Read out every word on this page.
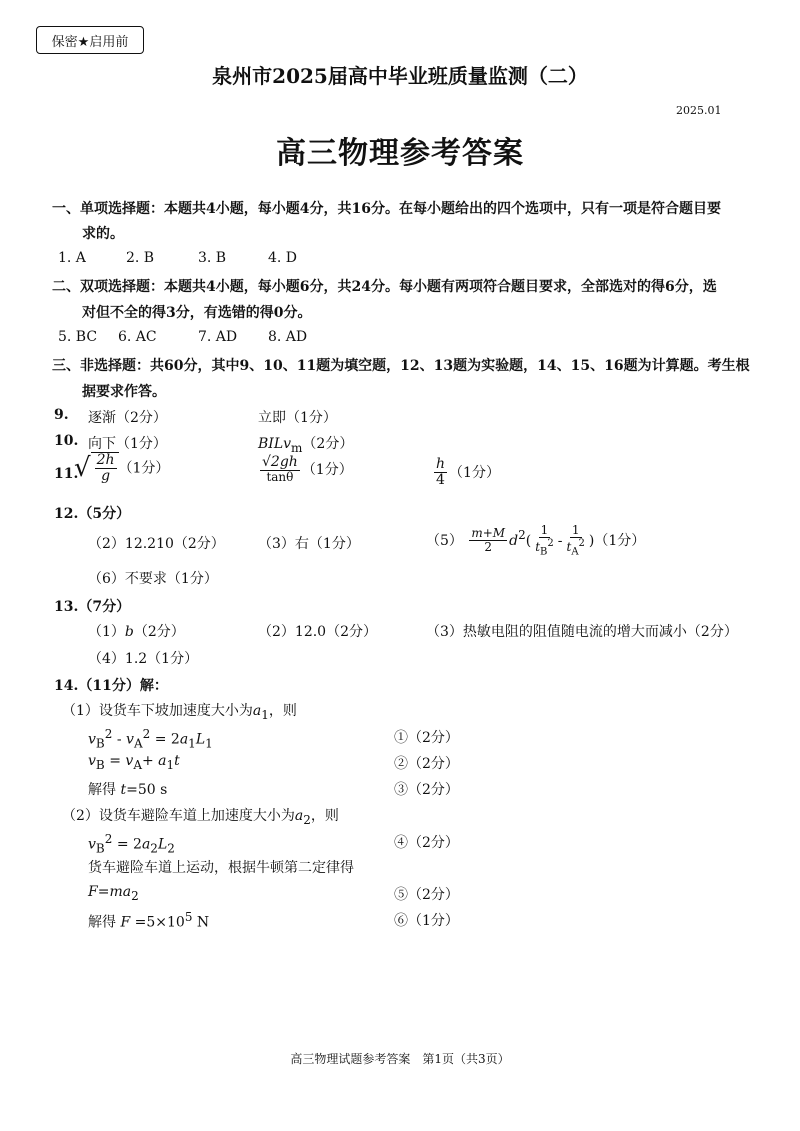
保密★启用前
泉州市2025届高中毕业班质量监测（二）
2025.01
高三物理参考答案
一、单项选择题：本题共4小题，每小题4分，共16分。在每小题给出的四个选项中，只有一项是符合题目要
求的。
1. A	2. B	3. B	4. D
二、双项选择题：本题共4小题，每小题6分，共24分。每小题有两项符合题目要求，全部选对的得6分，选
对但不全的得3分，有选错的得0分。
5. BC 6. AC	7. AD 8. AD
三、非选择题：共60分，其中9、10、11题为填空题，12、13题为实验题，14、15、16题为计算题。考生根
据要求作答。
9. 逐渐（2分）	立即（1分）
10. 向下（1分）	BILv$_m$（2分）
11.
√ $\frac{2h}{g} (1$分）	$\frac{√2gh}{\tan\theta} (1$分）	$\frac{h}{4} (1$分）
12.（5分）
（2）12.210（2分） （3）右（1分）	$(5) \frac{m+M}{2} d^2( \frac{1}{t_B^2} - \frac{1}{t_A^2} )(1$分）
（6）不要求（1分）
13.（7分）
（1）b（2分）	（2）12.0（2分）	（3）热敏电阻的阻值随电流的增大而减小（2分）
（4）1.2（1分）
14.（11分）解：
（1）设货车下坡加速度大小为$a_1$，则
$v_B^2 - v_A^2 = 2a_1L_1$	①（2分）
$v_B = v_A+ a_1t$	②（2分）
解得 t=50 s	③（2分）
（2）设货车避险车道上加速度大小为$a_2$，则
$v_B^2 = 2a_2L_2$	④（2分）
货车避险车道上运动，根据牛顿第二定律得
$F=ma_2$	⑤（2分）
解得 $F =5\times 10^5$ N	⑥（1分）
高三物理试题参考答案　第1页（共3页）
